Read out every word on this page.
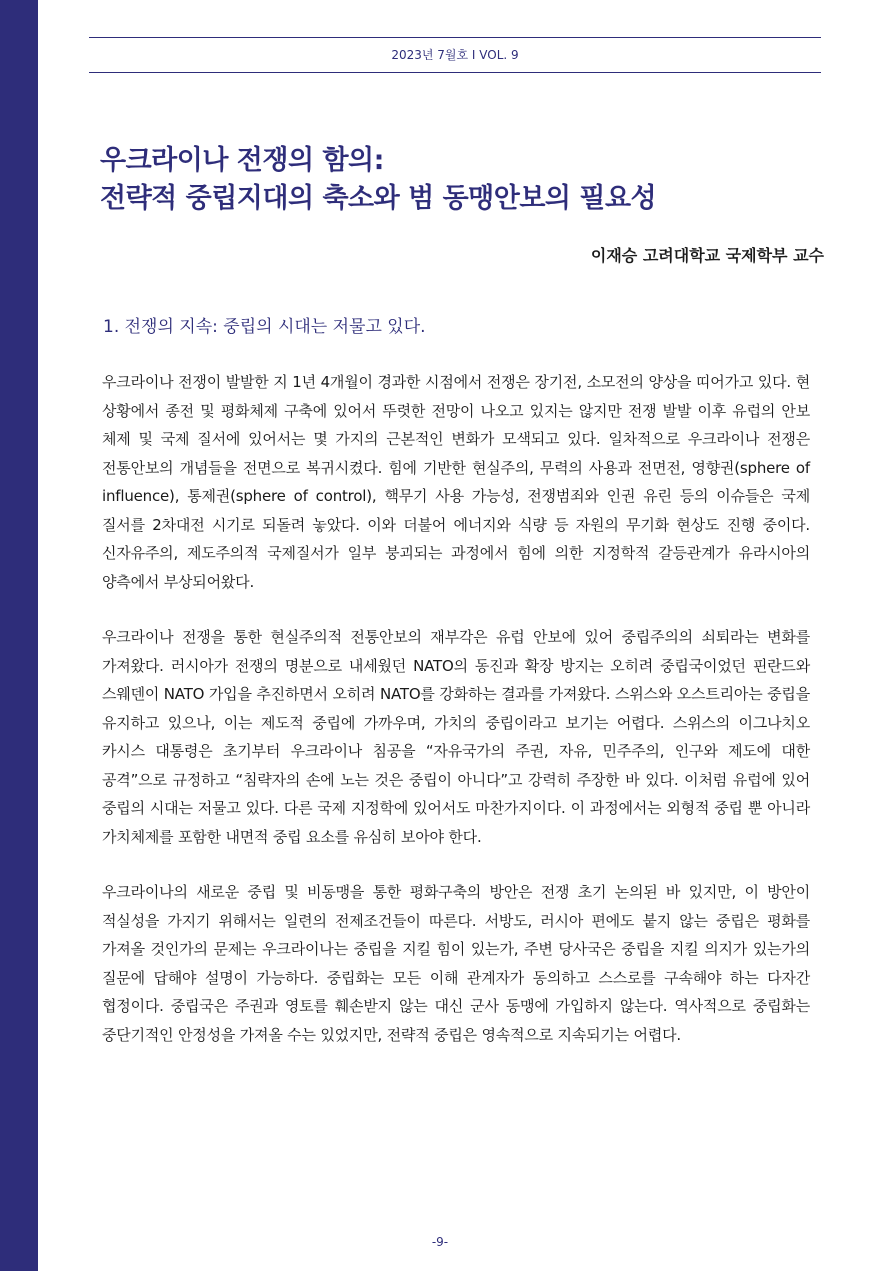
2023년 7월호 I VOL. 9
우크라이나 전쟁의 함의:
전략적 중립지대의 축소와 범 동맹안보의 필요성
이재승 고려대학교 국제학부 교수
1. 전쟁의 지속: 중립의 시대는 저물고 있다.

우크라이나 전쟁이 발발한 지 1년 4개월이 경과한 시점에서 전쟁은 장기전, 소모전의 양상을 띠어가고 있다. 현 상황에서 종전 및 평화체제 구축에 있어서 뚜렷한 전망이 나오고 있지는 않지만 전쟁 발발 이후 유럽의 안보 체제 및 국제 질서에 있어서는 몇 가지의 근본적인 변화가 모색되고 있다. 일차적으로 우크라이나 전쟁은 전통안보의 개념들을 전면으로 복귀시켰다. 힘에 기반한 현실주의, 무력의 사용과 전면전, 영향권(sphere of influence), 통제권(sphere of control), 핵무기 사용 가능성, 전쟁범죄와 인권 유린 등의 이슈들은 국제 질서를 2차대전 시기로 되돌려 놓았다. 이와 더불어 에너지와 식량 등 자원의 무기화 현상도 진행 중이다. 신자유주의, 제도주의적 국제질서가 일부 붕괴되는 과정에서 힘에 의한 지정학적 갈등관계가 유라시아의 양측에서 부상되어왔다.

우크라이나 전쟁을 통한 현실주의적 전통안보의 재부각은 유럽 안보에 있어 중립주의의 쇠퇴라는 변화를 가져왔다. 러시아가 전쟁의 명분으로 내세웠던 NATO의 동진과 확장 방지는 오히려 중립국이었던 핀란드와 스웨덴이 NATO 가입을 추진하면서 오히려 NATO를 강화하는 결과를 가져왔다. 스위스와 오스트리아는 중립을 유지하고 있으나, 이는 제도적 중립에 가까우며, 가치의 중립이라고 보기는 어렵다. 스위스의 이그나치오 카시스 대통령은 초기부터 우크라이나 침공을 “자유국가의 주권, 자유, 민주주의, 인구와 제도에 대한 공격”으로 규정하고 “침략자의 손에 노는 것은 중립이 아니다”고 강력히 주장한 바 있다. 이처럼 유럽에 있어 중립의 시대는 저물고 있다. 다른 국제 지정학에 있어서도 마찬가지이다. 이 과정에서는 외형적 중립 뿐 아니라 가치체제를 포함한 내면적 중립 요소를 유심히 보아야 한다.

우크라이나의 새로운 중립 및 비동맹을 통한 평화구축의 방안은 전쟁 초기 논의된 바 있지만, 이 방안이 적실성을 가지기 위해서는 일련의 전제조건들이 따른다. 서방도, 러시아 편에도 붙지 않는 중립은 평화를 가져올 것인가의 문제는 우크라이나는 중립을 지킬 힘이 있는가, 주변 당사국은 중립을 지킬 의지가 있는가의 질문에 답해야 설명이 가능하다. 중립화는 모든 이해 관계자가 동의하고 스스로를 구속해야 하는 다자간 협정이다. 중립국은 주권과 영토를 훼손받지 않는 대신 군사 동맹에 가입하지 않는다. 역사적으로 중립화는 중단기적인 안정성을 가져올 수는 있었지만, 전략적 중립은 영속적으로 지속되기는 어렵다.

-9-
